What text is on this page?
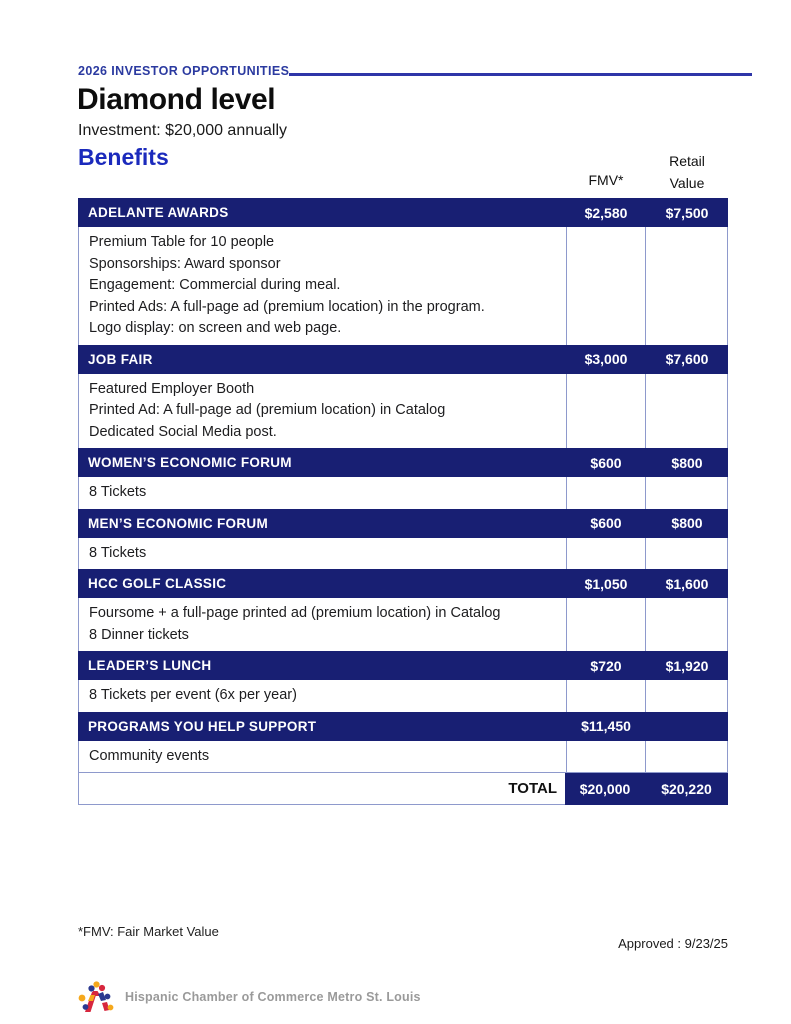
2026 INVESTOR OPPORTUNITIES
Diamond level
Investment: $20,000 annually
Benefits
FMV*
Retail
Value
ADELANTE AWARDS	$2,580	$7,500
Premium Table for 10 people
Sponsorships: Award sponsor
Engagement: Commercial during meal.
Printed Ads: A full-page ad (premium location) in the program.
Logo display: on screen and web page.
JOB FAIR	$3,000	$7,600
Featured Employer Booth
Printed Ad: A full-page ad (premium location) in Catalog
Dedicated Social Media post.
WOMEN’S ECONOMIC FORUM	$600	$800
8 Tickets
MEN’S ECONOMIC FORUM	$600	$800
8 Tickets
HCC GOLF CLASSIC	$1,050	$1,600
Foursome + a full-page printed ad (premium location) in Catalog
8 Dinner tickets
LEADER’S LUNCH	$720	$1,920
8 Tickets per event (6x per year)
PROGRAMS YOU HELP SUPPORT	$11,450
Community events
TOTAL	$20,000	$20,220
*FMV: Fair Market Value
Approved : 9/23/25
Hispanic Chamber of Commerce Metro St. Louis
